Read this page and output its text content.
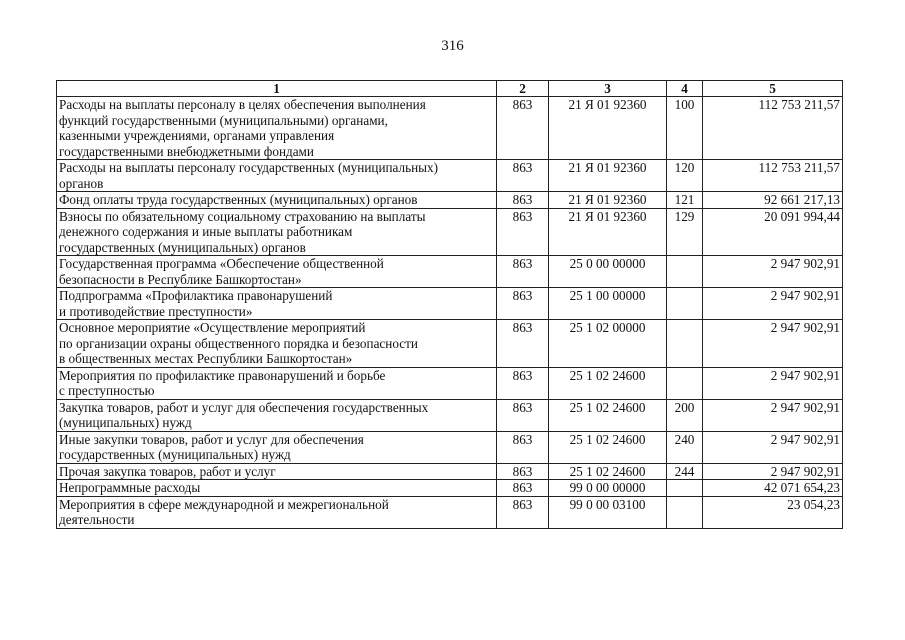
316
1	2	3	4	5
Расходы на выплаты персоналу в целях обеспечения выполнения
функций государственными (муниципальными) органами,
казенными учреждениями, органами управления
государственными внебюджетными фондами	863	21 Я 01 92360	100	112 753 211,57
Расходы на выплаты персоналу государственных (муниципальных)
органов	863	21 Я 01 92360	120	112 753 211,57
Фонд оплаты труда государственных (муниципальных) органов	863	21 Я 01 92360	121	92 661 217,13
Взносы по обязательному социальному страхованию на выплаты
денежного содержания и иные выплаты работникам
государственных (муниципальных) органов	863	21 Я 01 92360	129	20 091 994,44
Государственная программа «Обеспечение общественной
безопасности в Республике Башкортостан»	863	25 0 00 00000		2 947 902,91
Подпрограмма «Профилактика правонарушений
и противодействие преступности»	863	25 1 00 00000		2 947 902,91
Основное мероприятие «Осуществление мероприятий
по организации охраны общественного порядка и безопасности
в общественных местах Республики Башкортостан»	863	25 1 02 00000		2 947 902,91
Мероприятия по профилактике правонарушений и борьбе
с преступностью	863	25 1 02 24600		2 947 902,91
Закупка товаров, работ и услуг для обеспечения государственных
(муниципальных) нужд	863	25 1 02 24600	200	2 947 902,91
Иные закупки товаров, работ и услуг для обеспечения
государственных (муниципальных) нужд	863	25 1 02 24600	240	2 947 902,91
Прочая закупка товаров, работ и услуг	863	25 1 02 24600	244	2 947 902,91
Непрограммные расходы	863	99 0 00 00000		42 071 654,23
Мероприятия в сфере международной и межрегиональной
деятельности	863	99 0 00 03100		23 054,23
